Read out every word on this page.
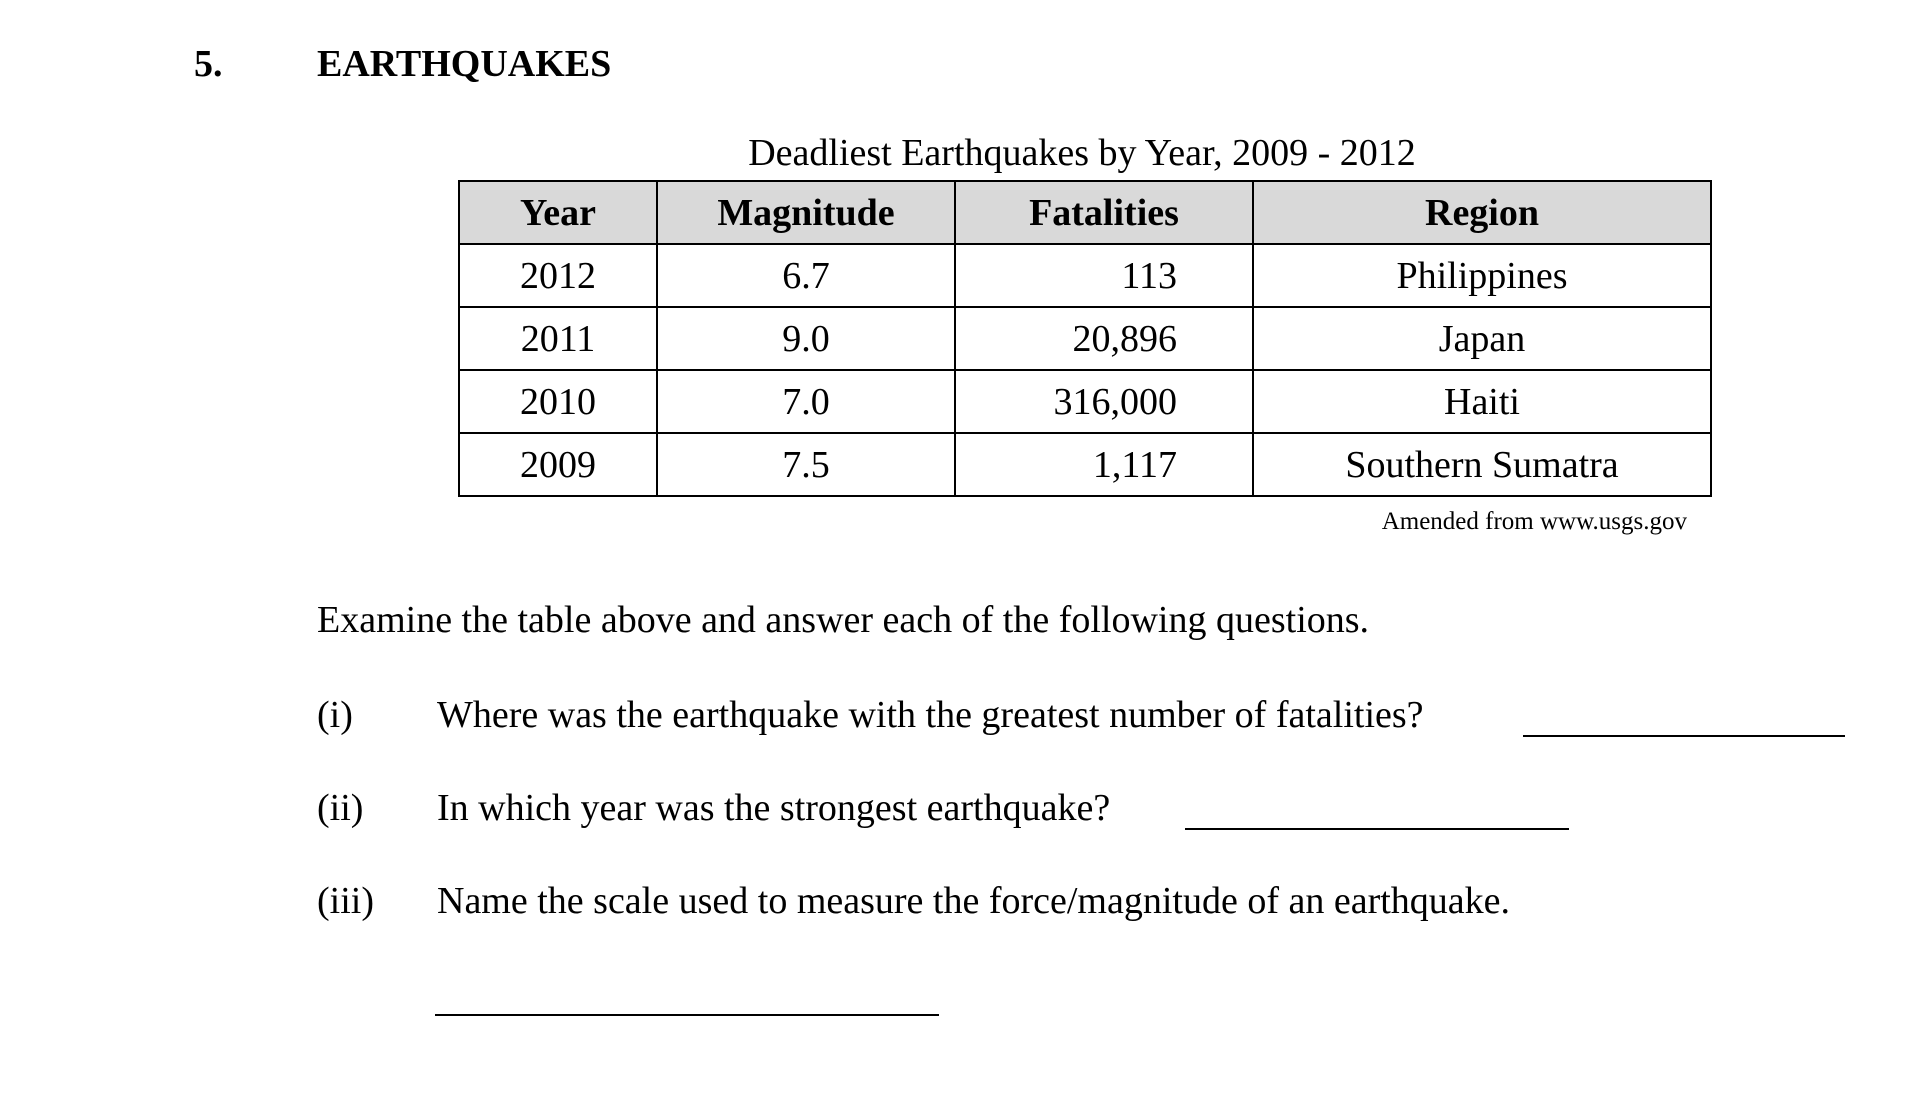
5. EARTHQUAKES
Deadliest Earthquakes by Year, 2009 - 2012
Year	Magnitude	Fatalities	Region
2012	6.7	113	Philippines
2011	9.0	20,896	Japan
2010	7.0	316,000	Haiti
2009	7.5	1,117	Southern Sumatra
Amended from www.usgs.gov
Examine the table above and answer each of the following questions.
(i) Where was the earthquake with the greatest number of fatalities?
(ii) In which year was the strongest earthquake?
(iii) Name the scale used to measure the force/magnitude of an earthquake.
